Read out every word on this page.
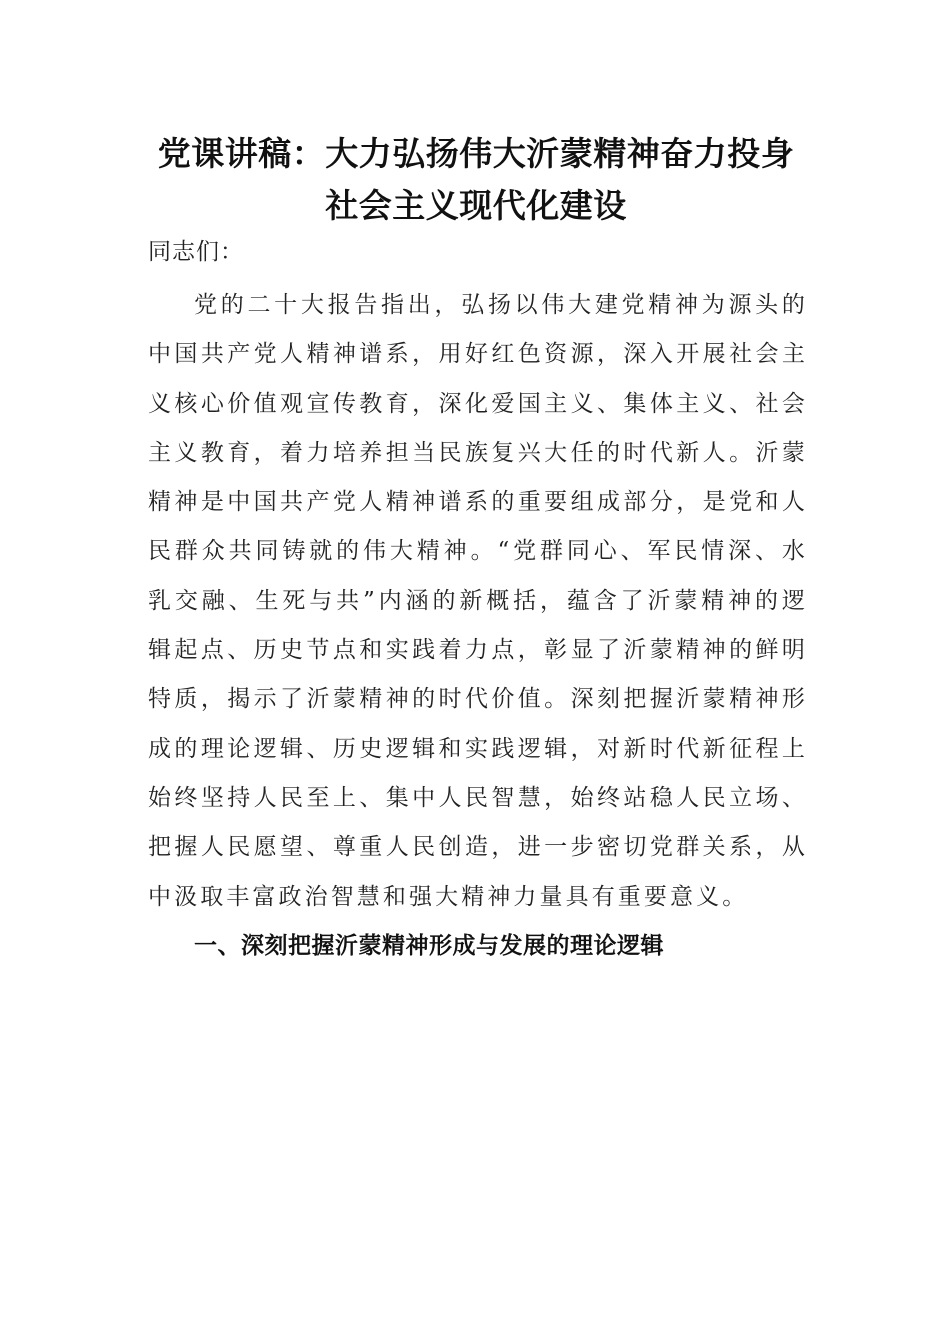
党课讲稿：大力弘扬伟大沂蒙精神奋力投身社会主义现代化建设

同志们：

党的二十大报告指出，弘扬以伟大建党精神为源头的中国共产党人精神谱系，用好红色资源，深入开展社会主义核心价值观宣传教育，深化爱国主义、集体主义、社会主义教育，着力培养担当民族复兴大任的时代新人。沂蒙精神是中国共产党人精神谱系的重要组成部分，是党和人民群众共同铸就的伟大精神。“党群同心、军民情深、水乳交融、生死与共”内涵的新概括，蕴含了沂蒙精神的逻辑起点、历史节点和实践着力点，彰显了沂蒙精神的鲜明特质，揭示了沂蒙精神的时代价值。深刻把握沂蒙精神形成的理论逻辑、历史逻辑和实践逻辑，对新时代新征程上始终坚持人民至上、集中人民智慧，始终站稳人民立场、把握人民愿望、尊重人民创造，进一步密切党群关系，从中汲取丰富政治智慧和强大精神力量具有重要意义。

一、深刻把握沂蒙精神形成与发展的理论逻辑
